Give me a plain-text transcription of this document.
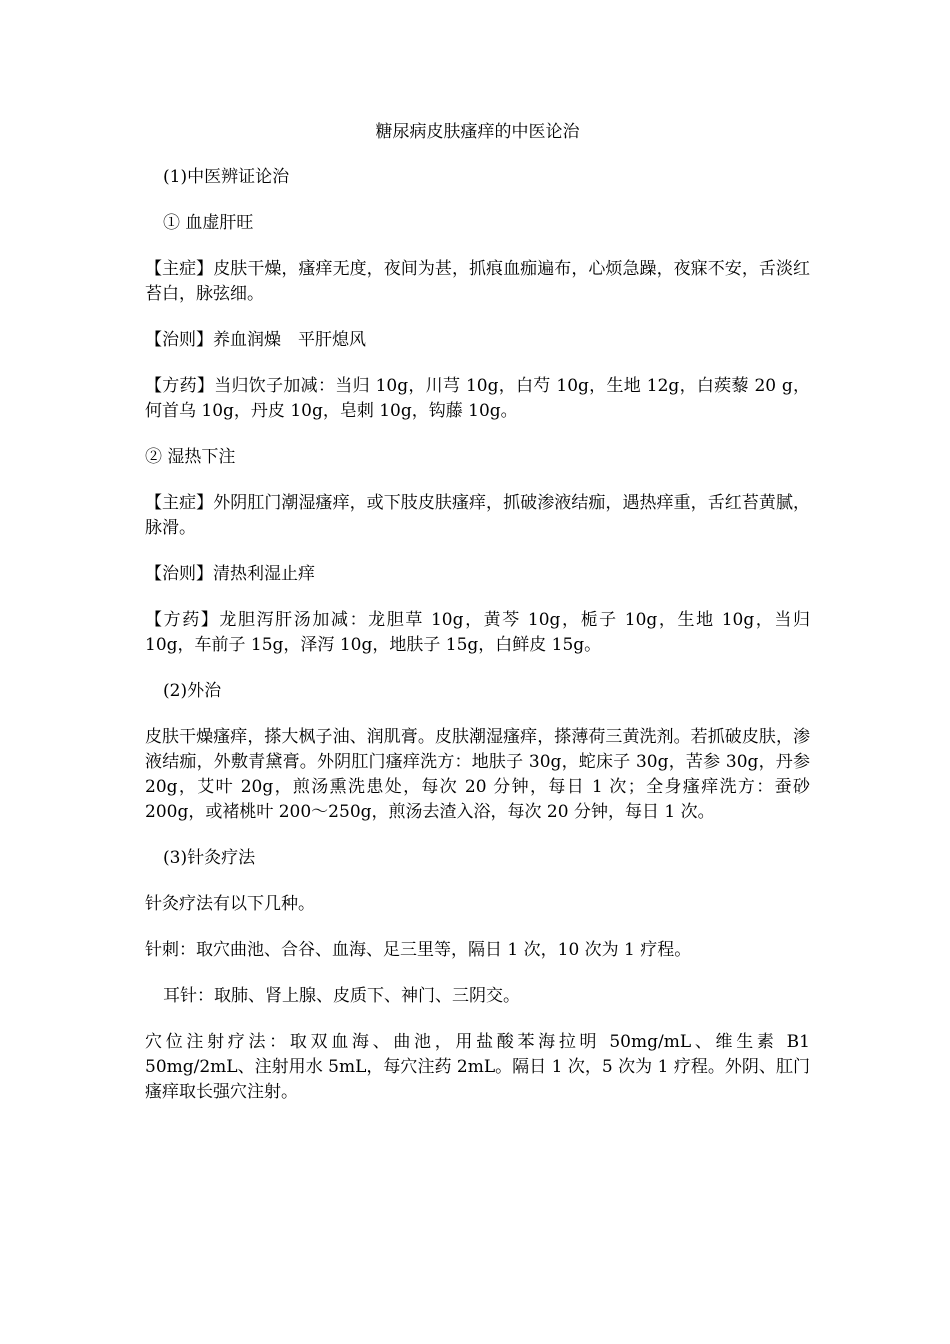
糖尿病皮肤瘙痒的中医论治
(1)中医辨证论治
① 血虚肝旺
【主症】皮肤干燥，瘙痒无度，夜间为甚，抓痕血痂遍布，心烦急躁，夜寐不安，舌淡红苔白，脉弦细。
【治则】养血润燥　平肝熄风
【方药】当归饮子加减：当归 10g，川芎 10g，白芍 10g，生地 12g，白蒺藜 20 g，何首乌 10g，丹皮 10g，皂刺 10g，钩藤 10g。
② 湿热下注
【主症】外阴肛门潮湿瘙痒，或下肢皮肤瘙痒，抓破渗液结痂，遇热痒重，舌红苔黄腻，脉滑。
【治则】清热利湿止痒
【方药】龙胆泻肝汤加减：龙胆草 10g，黄芩 10g，栀子 10g，生地 10g，当归 10g，车前子 15g，泽泻 10g，地肤子 15g，白鲜皮 15g。
(2)外治
皮肤干燥瘙痒，搽大枫子油、润肌膏。皮肤潮湿瘙痒，搽薄荷三黄洗剂。若抓破皮肤，渗液结痂，外敷青黛膏。外阴肛门瘙痒洗方：地肤子 30g，蛇床子 30g，苦参 30g，丹参 20g，艾叶 20g，煎汤熏洗患处，每次 20 分钟，每日 1 次；全身瘙痒洗方：蚕砂 200g，或褚桃叶 200～250g，煎汤去渣入浴，每次 20 分钟，每日 1 次。
(3)针灸疗法
针灸疗法有以下几种。
针刺：取穴曲池、合谷、血海、足三里等，隔日 1 次，10 次为 1 疗程。
耳针：取肺、肾上腺、皮质下、神门、三阴交。
穴位注射疗法：取双血海、曲池，用盐酸苯海拉明 50mg/mL、维生素 B1 50mg/2mL、注射用水 5mL，每穴注药 2mL。隔日 1 次，5 次为 1 疗程。外阴、肛门瘙痒取长强穴注射。
